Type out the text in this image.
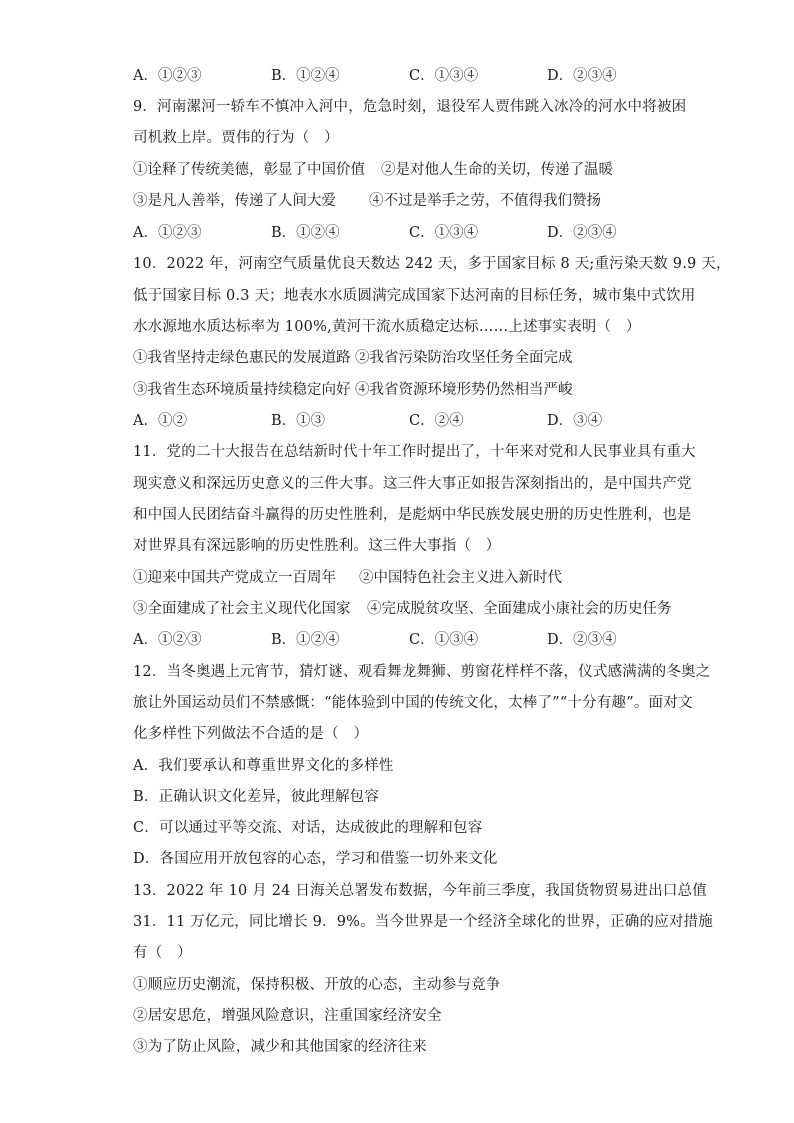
A．①②③	B．①②④	C．①③④	D．②③④
9．河南漯河一轿车不慎冲入河中，危急时刻，退役军人贾伟跳入冰冷的河水中将被困
司机救上岸。贾伟的行为（　）
①诠释了传统美德，彰显了中国价值 ②是对他人生命的关切，传递了温暖
③是凡人善举，传递了人间大爱 ④不过是举手之劳，不值得我们赞扬
A．①②③	B．①②④	C．①③④	D．②③④
10．2022 年，河南空气质量优良天数达 242 天，多于国家目标 8 天;重污染天数 9.9 天，
低于国家目标 0.3 天；地表水水质圆满完成国家下达河南的目标任务，城市集中式饮用
水水源地水质达标率为 100%,黄河干流水质稳定达标……上述事实表明（　）
①我省坚持走绿色惠民的发展道路 ②我省污染防治攻坚任务全面完成
③我省生态环境质量持续稳定向好 ④我省资源环境形势仍然相当严峻
A．①②	B．①③	C．②④	D．③④
11．党的二十大报告在总结新时代十年工作时提出了，十年来对党和人民事业具有重大
现实意义和深远历史意义的三件大事。这三件大事正如报告深刻指出的，是中国共产党
和中国人民团结奋斗赢得的历史性胜利，是彪炳中华民族发展史册的历史性胜利，也是
对世界具有深远影响的历史性胜利。这三件大事指（　）
①迎来中国共产党成立一百周年 ②中国特色社会主义进入新时代
③全面建成了社会主义现代化国家 ④完成脱贫攻坚、全面建成小康社会的历史任务
A．①②③	B．①②④	C．①③④	D．②③④
12．当冬奥遇上元宵节，猜灯谜、观看舞龙舞狮、剪窗花样样不落，仪式感满满的冬奥之
旅让外国运动员们不禁感慨：“能体验到中国的传统文化，太棒了”“十分有趣”。面对文
化多样性下列做法不合适的是（　）
A．我们要承认和尊重世界文化的多样性
B．正确认识文化差异，彼此理解包容
C．可以通过平等交流、对话，达成彼此的理解和包容
D．各国应用开放包容的心态，学习和借鉴一切外来文化
13．2022 年 10 月 24 日海关总署发布数据，今年前三季度，我国货物贸易进出口总值
31．11 万亿元，同比增长 9．9%。当今世界是一个经济全球化的世界，正确的应对措施
有（　）
①顺应历史潮流，保持积极、开放的心态，主动参与竞争
②居安思危，增强风险意识，注重国家经济安全
③为了防止风险，减少和其他国家的经济往来
